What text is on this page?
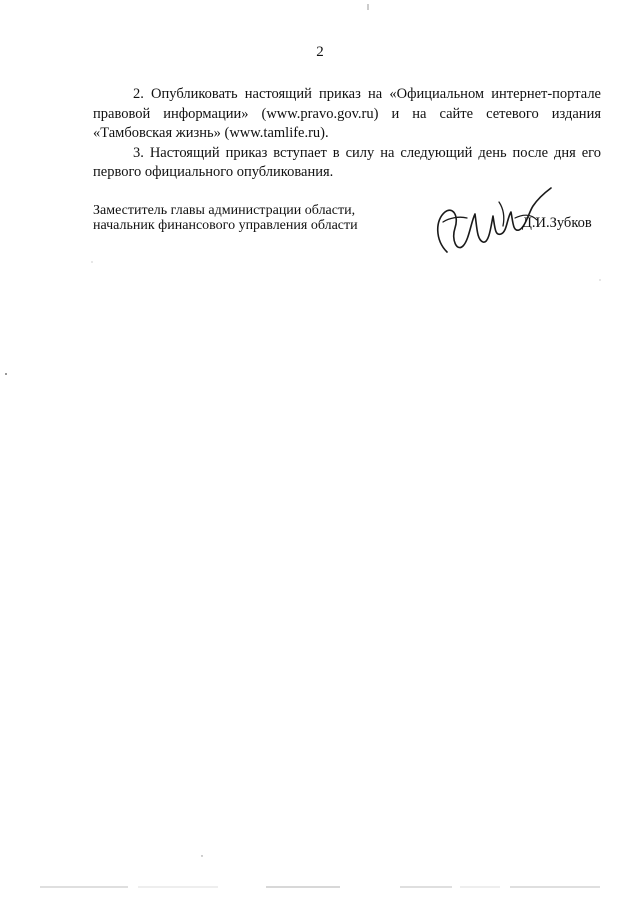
2

2. Опубликовать настоящий приказ на «Официальном интернет-портале правовой информации» (www.pravo.gov.ru) и на сайте сетевого издания «Тамбовская жизнь» (www.tamlife.ru).

3. Настоящий приказ вступает в силу на следующий день после дня его первого официального опубликования.

Заместитель главы администрации области,
начальник финансового управления области	Д.И.Зубков
